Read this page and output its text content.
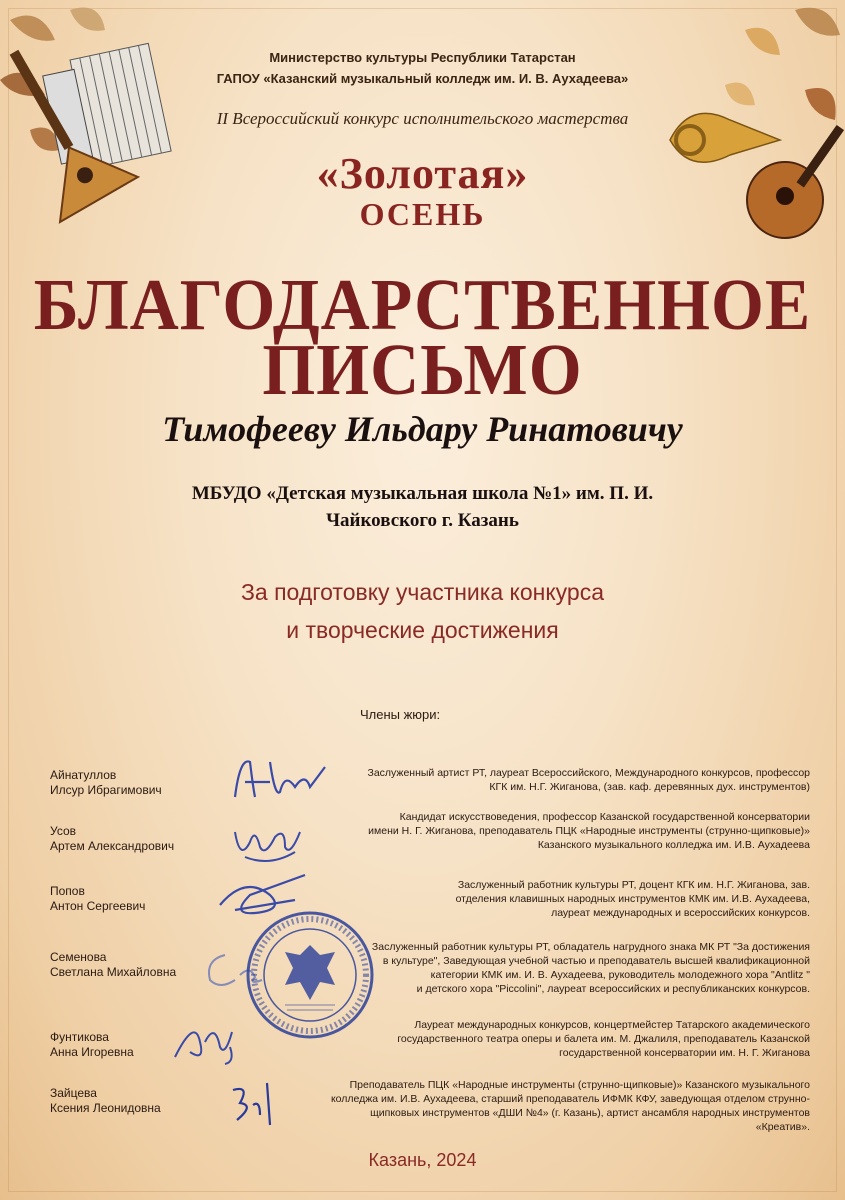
Министерство культуры Республики Татарстан
ГАПОУ «Казанский музыкальный колледж им. И. В. Аухадеева»
II Всероссийский конкурс исполнительского мастерства
«Золотая»
ОСЕНЬ
БЛАГОДАРСТВЕННОЕ
ПИСЬМО
Тимофееву Ильдару Ринатовичу
МБУДО «Детская музыкальная школа №1» им. П. И.
Чайковского г. Казань
За подготовку участника конкурса
и творческие достижения
Члены жюри:
Айнатуллов
Илсур Ибрагимович
Заслуженный артист РТ, лауреат Всероссийского, Международного конкурсов, профессор
КГК им. Н.Г. Жиганова, (зав. каф. деревянных дух. инструментов)
Усов
Артем Александрович
Кандидат искусствоведения, профессор Казанской государственной консерватории
имени Н. Г. Жиганова, преподаватель ПЦК «Народные инструменты (струнно-щипковые)»
Казанского музыкального колледжа им. И.В. Аухадеева
Попов
Антон Сергеевич
Заслуженный работник культуры РТ, доцент КГК им. Н.Г. Жиганова, зав.
отделения клавишных народных инструментов КМК им. И.В. Аухадеева,
лауреат международных и всероссийских конкурсов.
Семенова
Светлана Михайловна
Заслуженный работник культуры РТ, обладатель нагрудного знака МК РТ "За достижения
в культуре", Заведующая учебной частью и преподаватель высшей квалификационной
категории КМК им. И. В. Аухадеева, руководитель молодежного хора "Antlitz "
и детского хора "Piccolini", лауреат всероссийских и республиканских конкурсов.
Фунтикова
Анна Игоревна
Лауреат международных конкурсов, концертмейстер Татарского академического
государственного театра оперы и балета им. М. Джалиля, преподаватель Казанской
государственной консерватории им. Н. Г. Жиганова
Зайцева
Ксения Леонидовна
Преподаватель ПЦК «Народные инструменты (струнно-щипковые)» Казанского музыкального
колледжа им. И.В. Аухадеева, старший преподаватель ИФМК КФУ, заведующая отделом струнно-
щипковых инструментов «ДШИ №4» (г. Казань), артист ансамбля народных инструментов «Креатив».
Казань, 2024
